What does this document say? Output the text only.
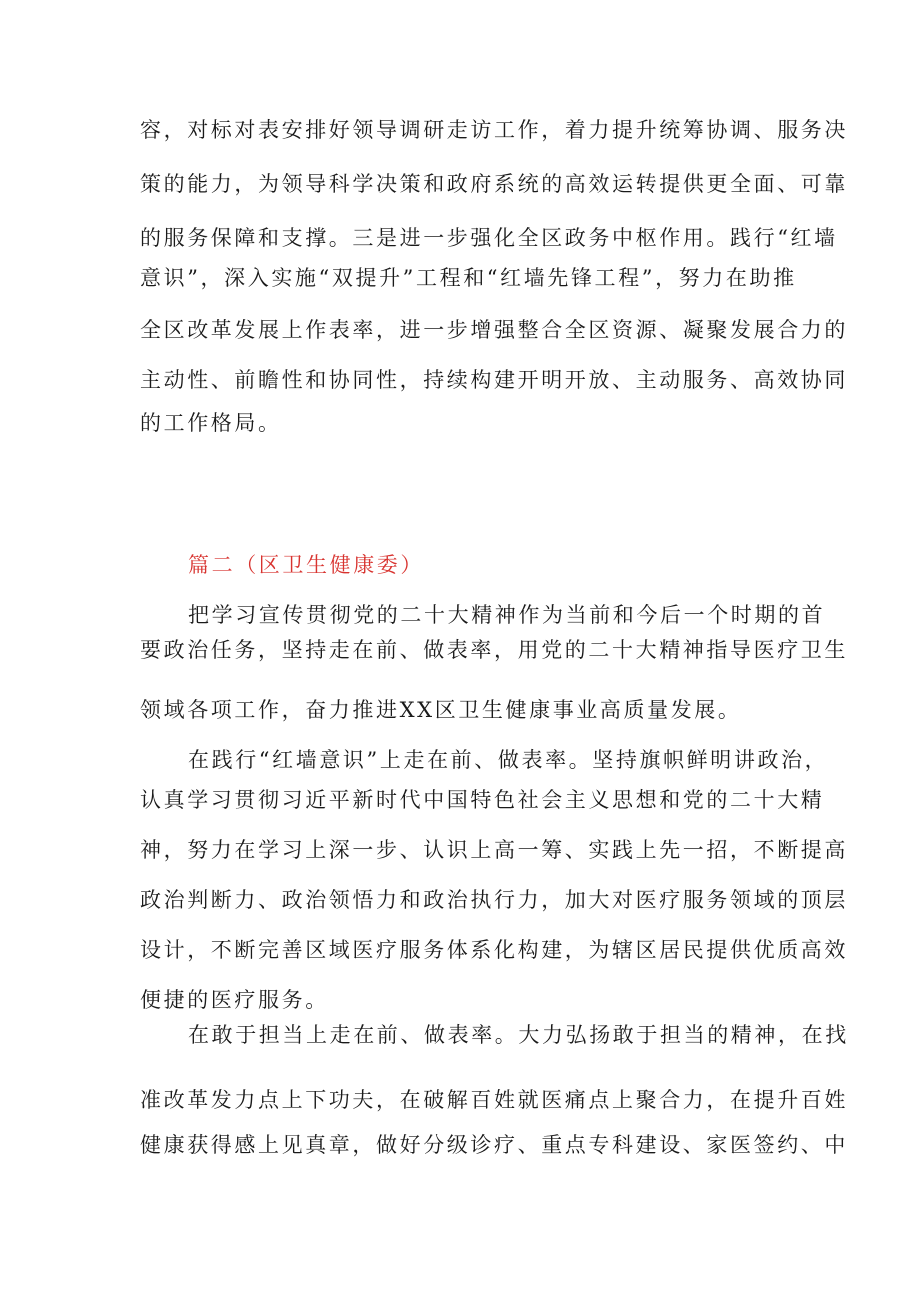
容，对标对表安排好领导调研走访工作，着力提升统筹协调、服务决
策的能力，为领导科学决策和政府系统的高效运转提供更全面、可靠
的服务保障和支撑。三是进一步强化全区政务中枢作用。践行“红墙
意识”，深入实施“双提升”工程和“红墙先锋工程”，努力在助推
全区改革发展上作表率，进一步增强整合全区资源、凝聚发展合力的
主动性、前瞻性和协同性，持续构建开明开放、主动服务、高效协同
的工作格局。
篇二（区卫生健康委）
把学习宣传贯彻党的二十大精神作为当前和今后一个时期的首
要政治任务，坚持走在前、做表率，用党的二十大精神指导医疗卫生
领域各项工作，奋力推进XX区卫生健康事业高质量发展。
在践行“红墙意识”上走在前、做表率。坚持旗帜鲜明讲政治，
认真学习贯彻习近平新时代中国特色社会主义思想和党的二十大精
神，努力在学习上深一步、认识上高一筹、实践上先一招，不断提高
政治判断力、政治领悟力和政治执行力，加大对医疗服务领域的顶层
设计，不断完善区域医疗服务体系化构建，为辖区居民提供优质高效
便捷的医疗服务。
在敢于担当上走在前、做表率。大力弘扬敢于担当的精神，在找
准改革发力点上下功夫，在破解百姓就医痛点上聚合力，在提升百姓
健康获得感上见真章，做好分级诊疗、重点专科建设、家医签约、中
